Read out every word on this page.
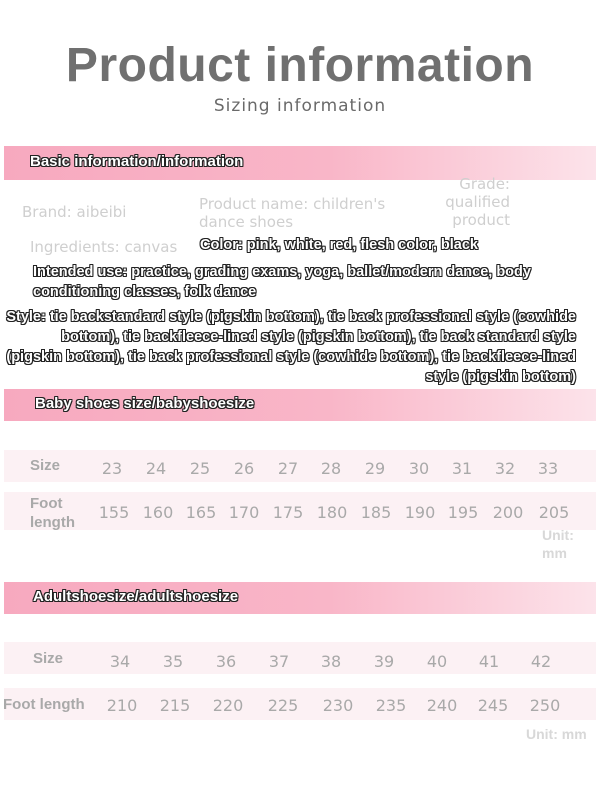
Product information
Sizing information
Basic information/information
Brand: aibeibi	Product name: children's dance shoes
Grade: qualified product
Ingredients: canvas Color: pink, white, red, flesh color, black
Intended use: practice, grading exams, yoga, ballet/modern dance, body conditioning classes, folk dance
Style: tie backstandard style (pigskin bottom), tie back professional style (cowhide bottom), tie backfleece-lined style (pigskin bottom), tie back standard style (pigskin bottom), tie back professional style (cowhide bottom), tie backfleece-lined style (pigskin bottom)
Baby shoes size/babyshoesize
Size	23	24	25	26	27	28	29	30	31	32	33
Foot length
155 160 165 170 175 180 185 190 195 200 205
Unit: mm
Adultshoesize/adultshoesize
Size	34	35	36	37	38	39	40	41	42
Foot length 210 215 220 225 230 235 240 245 250
Unit: mm
